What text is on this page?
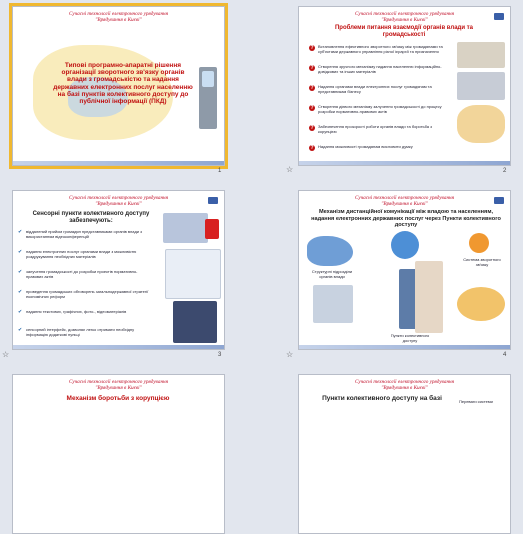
Сучасні технології електронного урядування
"Врядування в Києві"
Типові програмно-апаратні рішення організації зворотного зв'язку органів влади з громадськістю та надання державних електронних послуг населенню на базі пунктів колективного доступу до публічної інформації (ПКД)
1
Сучасні технології електронного урядування
"Врядування в Києві"
Проблеми питання взаємодії органів влади та громадськості
?	Встановлення ефективного зворотного зв'язку між громадянами та суб'єктами державного управління різної ієрархії та призначення
?	Створення зручного механізму надання населенню інформаційно-довідкових та інших матеріалів
?	Надання органами влади електронних послуг громадянам та представникам бізнесу
?	Створення дієвого механізму залучення громадськості до процесу розробки нормативно-правових актів
?	Забезпечення прозорості роботи органів влади та боротьба з корупцією
?	Надання можливості громадянам висловити думку
2
☆
Сучасні технології електронного урядування
"Врядування в Києві"
Сенсорні пункти колективного доступу забезпечують:
✔ віддалений прийом громадян представниками органів влади з використанням відеоконференцій
✔ надання електронних послуг органами влади з можливістю роздрукування необхідних матеріалів
✔ залучення громадськості до розробки проектів нормативно-правових актів
✔ проведення громадських обговорень загальнодержавної стратегії економічних реформ
✔ надання текстових, графічних, фото-, відеоматеріалів
✔ сенсорний інтерфейс, дозволяє легко отримати необхідну інформацію додаткові пульці
3
☆
Сучасні технології електронного урядування
"Врядування в Києві"
Механізм дистанційної комунікації між владою та населенням, надання електронних державних послуг через Пункти колективного доступу
Структурні підрозділи органів влади
Система зворотного зв'язку
Пункти колективного доступу
4
☆
Сучасні технології електронного урядування
"Врядування в Києві"
Механізм боротьби з корупцією
Сучасні технології електронного урядування
"Врядування в Києві"
Пункти колективного доступу на базі	Переваги системи
